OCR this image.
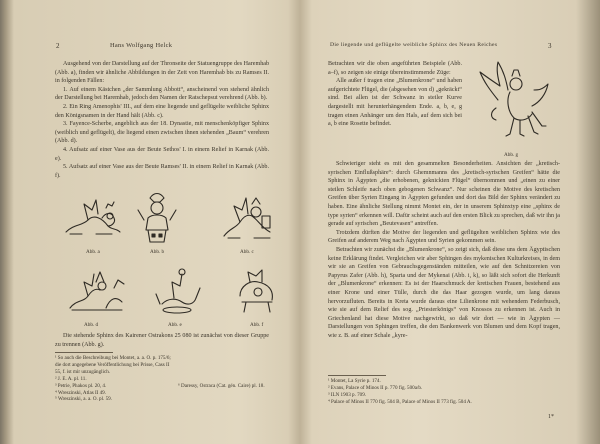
2	Hans Wolfgang Helck

Ausgehend von der Darstellung auf der Thronseite der Statuengruppe des Haremhab (Abb. a), finden wir ähnliche Abbildungen in der Zeit von Haremhab bis zu Ramses II. in folgenden Fällen:

1. Auf einem Kästchen „der Sammlung Abbott“, anscheinend von stehend ähnlich der Darstellung bei Haremhab, jedoch den Namen der Ratschepsut verehrend (Abb. b).

2. Ein Ring Amenophis' III., auf dem eine liegende und geflügelte weibliche Sphinx den Königsnamen in der Hand hält (Abb. c).

3. Fayence-Scherbe, angeblich aus der 18. Dynastie, mit menschenköpfiger Sphinx (weiblich und geflügelt), die liegend einen zwischen ihnen stehenden „Baum“ verehren (Abb. d).

4. Aufsatz auf einer Vase aus der Beute Sethos' I. in einem Relief in Karnak (Abb. e).

5. Aufsatz auf einer Vase aus der Beute Ramses' II. in einem Relief in Karnak (Abb. f).

Abb. a	Abb. b	Abb. c
Abb. d	Abb. e	Abb. f

Die stehende Sphinx des Kairener Ostrakons 25 080 ist zunächst von dieser Gruppe zu trennen (Abb. g).

¹ So auch die Beschreibung bei Montet, a. a. O. p. 175/6; die dort angegebene Veröffentlichung bei Prisse, Cass II 55, f. ist mir unzugänglich.
² J. E. A. pl. 11.
³ Petrie, Phakos pl. 20, 4.
⁴ Wreszinski, Atlas II 49.
⁵ Wreszinski, a. a. O. pl. 59.
⁶ Daressy, Ostraca (Cat. gén. Caire) pl. 18.
Die liegende und geflügelte weibliche Sphinx des Neuen Reiches	3

Betrachten wir die oben angeführten Beispiele (Abb. a–f), so zeigen sie einige übereinstimmende Züge:

Alle außer f tragen eine „Blumenkrone“ und haben aufgerichtete Flügel, die (abgesehen von d) „gekräckt“ sind. Bei allen ist der Schwanz in steiler Kurve dargestellt mit herunterhängendem Ende. a, b, e, g tragen einen Anhänger um den Hals, auf dem sich bei a, b eine Rosette befindet.

Abb. g

Schwieriger steht es mit den gesammelten Besonderheiten. Ansichten der „kretisch-syrischen Einflußsphäre“: durch Ghemnmanns des „kretisch-syrischen Greifen“ hätte die Sphinx in Ägypten „die erhobenen, geknickten Flügel“ übernommen und „einen zu einer steilen Schleife nach oben gebogenen Schwanz“. Nur scheinen die Motive des kretischen Greifen über Syrien Eingang in Ägypten gefunden und dort das Bild der Sphinx verändert zu haben. Eine ähnliche Stellung nimmt Montet ein, der in unserem Sphinxtyp eine „sphinx de type syrien“ erkennen will. Dafür scheint auch auf den ersten Blick zu sprechen, daß wir ihn ja gerade auf syrischen „Beutevasen“ antreffen.

Trotzdem dürften die Motive der liegenden und geflügelten weiblichen Sphinx wie des Greifen auf anderem Weg nach Ägypten und Syrien gekommen sein.

Betrachten wir zunächst die „Blumenkrone“, so zeigt sich, daß diese uns dem Ägyptischen keine Erklärung findet. Vergleichen wir aber Sphingen des mykenischen Kulturkreises, in dem wir sie an Greifen von Gebrauchsgegenständen mitteilen, wie auf den Schnitzereien von Papyrus Zafer (Abb. h), Sparta und der Mykenai (Abb. i, k), so läßt sich sofort die Herkunft der „Blumenkrone“ erkennen: Es ist der Haarschmuck der kretischen Frauen, bestehend aus einer Krone und einer Tülle, durch die das Haar gezogen wurde, um lang daraus hervorzufluten. Bereits in Kreta wurde daraus eine Lilienkrone mit wehendem Federbusch, wie sie auf dem Relief des sog. „Priesterkönigs“ von Knossos zu erkennen ist. Auch in Griechenland hat diese Motive nachgewirkt, so daß wir dort — wie in Ägypten — Darstellungen von Sphingen treffen, die den Bankenwerk von Blumen und dem Kopf tragen, wie z. B. auf einer Schale „kyre-

¹ Montet, La Syrie p. 174.
² Evans, Palace of Minos II p. 770 fig. 500a/b.
³ ILN 1903 p. 709.
⁴ Palace of Minos II 770 fig. 504 B, Palace of Minos II 773 fig. 504 A.
1*
